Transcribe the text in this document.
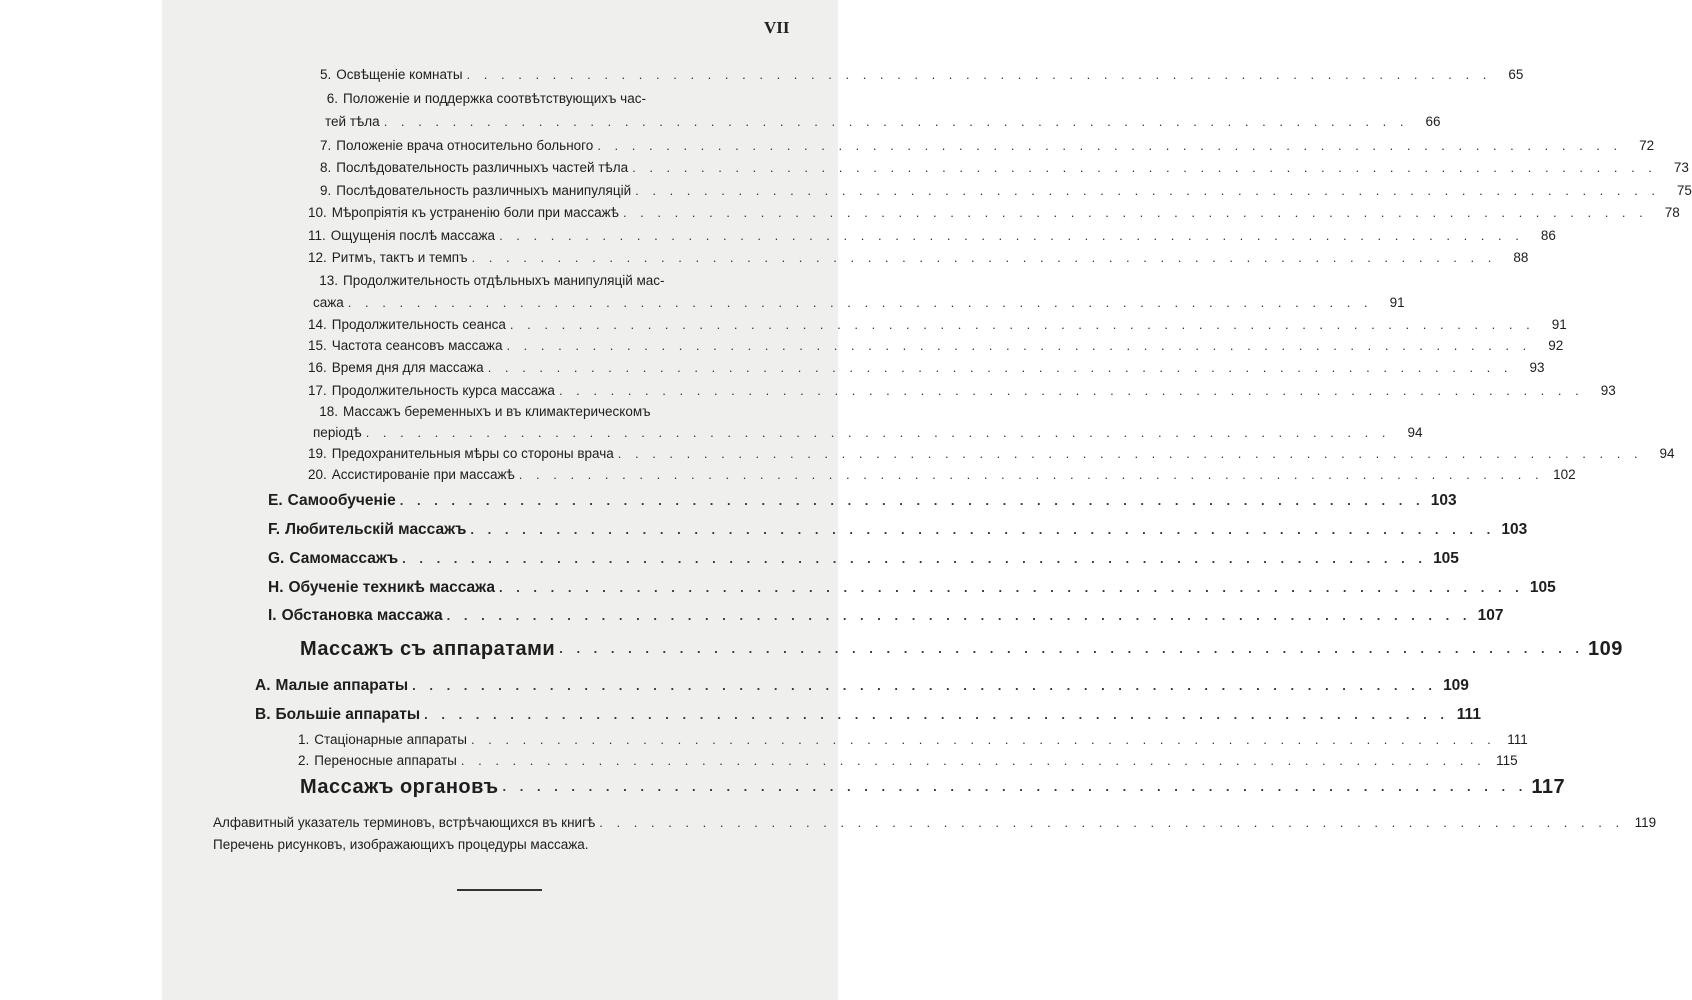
VII
5. Освѣщеніе комнаты . . . . . . . . . . . . . . . . . . . . . . . . . . . . . . . . . . . . . . . . . . . . . . . . . . . . . . . . . . . .	65
6. Положеніе и поддержка соотвѣтствующихъ час-
тей тѣла . . . . . . . . . . . . . . . . . . . . . . . . . . . . . . . . . . . . . . . . . . . . . . . . . . . . . . . . . . . .	66
7. Положеніе врача относительно больного . . . . . . . . . . . . . . . . . . . . . . . . . . . . . . . . . . . . . . . . . . . . . . . . . . . . . . . . . . . .	72
8. Послѣдовательность различныхъ частей тѣла . . . . . . . . . . . . . . . . . . . . . . . . . . . . . . . . . . . . . . . . . . . . . . . . . . . . . . . . . . . .	73
9. Послѣдовательность различныхъ манипуляцій . . . . . . . . . . . . . . . . . . . . . . . . . . . . . . . . . . . . . . . . . . . . . . . . . . . . . . . . . . . .	75
10. Мѣропріятія къ устраненію боли при массажѣ . . . . . . . . . . . . . . . . . . . . . . . . . . . . . . . . . . . . . . . . . . . . . . . . . . . . . . . . . . . .	78
11. Ощущенія послѣ массажа . . . . . . . . . . . . . . . . . . . . . . . . . . . . . . . . . . . . . . . . . . . . . . . . . . . . . . . . . . . .	86
12. Ритмъ, тактъ и темпъ . . . . . . . . . . . . . . . . . . . . . . . . . . . . . . . . . . . . . . . . . . . . . . . . . . . . . . . . . . . .	88
13. Продолжительность отдѣльныхъ манипуляцій мас-
сажа . . . . . . . . . . . . . . . . . . . . . . . . . . . . . . . . . . . . . . . . . . . . . . . . . . . . . . . . . . . .	91
14. Продолжительность сеанса . . . . . . . . . . . . . . . . . . . . . . . . . . . . . . . . . . . . . . . . . . . . . . . . . . . . . . . . . . . .	91
15. Частота сеансовъ массажа . . . . . . . . . . . . . . . . . . . . . . . . . . . . . . . . . . . . . . . . . . . . . . . . . . . . . . . . . . . .	92
16. Время дня для массажа . . . . . . . . . . . . . . . . . . . . . . . . . . . . . . . . . . . . . . . . . . . . . . . . . . . . . . . . . . . .	93
17. Продолжительность курса массажа . . . . . . . . . . . . . . . . . . . . . . . . . . . . . . . . . . . . . . . . . . . . . . . . . . . . . . . . . . . .	93
18. Массажъ беременныхъ и въ климактерическомъ
періодѣ . . . . . . . . . . . . . . . . . . . . . . . . . . . . . . . . . . . . . . . . . . . . . . . . . . . . . . . . . . . .	94
19. Предохранительныя мѣры со стороны врача . . . . . . . . . . . . . . . . . . . . . . . . . . . . . . . . . . . . . . . . . . . . . . . . . . . . . . . . . . . .	94
20. Ассистированіе при массажѣ . . . . . . . . . . . . . . . . . . . . . . . . . . . . . . . . . . . . . . . . . . . . . . . . . . . . . . . . . . . . 102
E. Самообученіе . . . . . . . . . . . . . . . . . . . . . . . . . . . . . . . . . . . . . . . . . . . . . . . . . . . . . . . . . . . . 103
F. Любительскій массажъ . . . . . . . . . . . . . . . . . . . . . . . . . . . . . . . . . . . . . . . . . . . . . . . . . . . . . . . . . . . . 103
G. Самомассажъ . . . . . . . . . . . . . . . . . . . . . . . . . . . . . . . . . . . . . . . . . . . . . . . . . . . . . . . . . . . . 105
H. Обученіе техникѣ массажа . . . . . . . . . . . . . . . . . . . . . . . . . . . . . . . . . . . . . . . . . . . . . . . . . . . . . . . . . . . . 105
I. Обстановка массажа . . . . . . . . . . . . . . . . . . . . . . . . . . . . . . . . . . . . . . . . . . . . . . . . . . . . . . . . . . . . 107
Массажъ съ аппаратами . . . . . . . . . . . . . . . . . . . . . . . . . . . . . . . . . . . . . . . . . . . . . . . . . . . . . . . . . . . . 109
A. Малые аппараты . . . . . . . . . . . . . . . . . . . . . . . . . . . . . . . . . . . . . . . . . . . . . . . . . . . . . . . . . . . . 109
B. Большіе аппараты . . . . . . . . . . . . . . . . . . . . . . . . . . . . . . . . . . . . . . . . . . . . . . . . . . . . . . . . . . . . 111
1. Стаціонарные аппараты . . . . . . . . . . . . . . . . . . . . . . . . . . . . . . . . . . . . . . . . . . . . . . . . . . . . . . . . . . . . 111
2. Переносные аппараты . . . . . . . . . . . . . . . . . . . . . . . . . . . . . . . . . . . . . . . . . . . . . . . . . . . . . . . . . . . . 115
Массажъ органовъ . . . . . . . . . . . . . . . . . . . . . . . . . . . . . . . . . . . . . . . . . . . . . . . . . . . . . . . . . . . . 117
Алфавитный указатель терминовъ, встрѣчающихся въ книгѣ . . . . . . . . . . . . . . . . . . . . . . . . . . . . . . . . . . . . . . . . . . . . . . . . . . . . . . . . . . . . 119
Перечень рисунковъ, изображающихъ процедуры массажа.
